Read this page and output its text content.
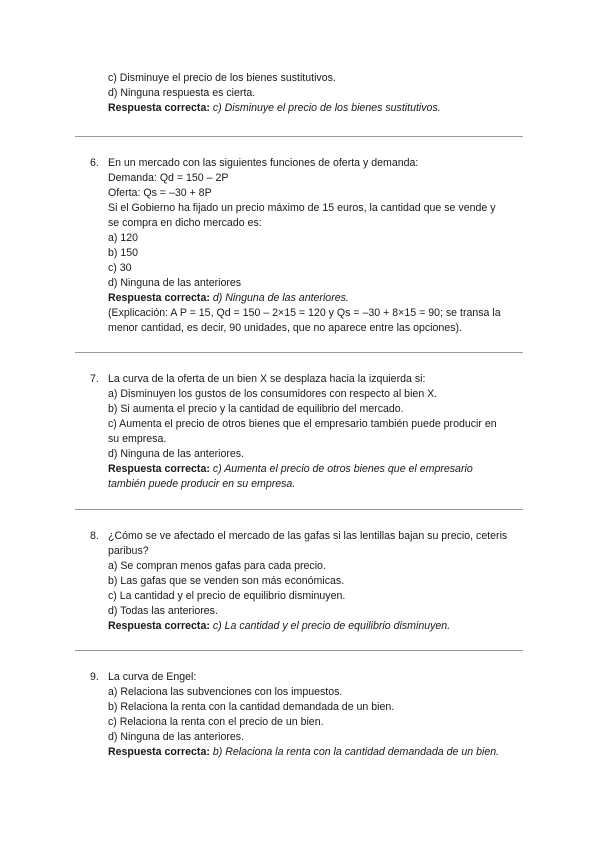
c) Disminuye el precio de los bienes sustitutivos.
d) Ninguna respuesta es cierta.
Respuesta correcta: c) Disminuye el precio de los bienes sustitutivos.
6. En un mercado con las siguientes funciones de oferta y demanda:
Demanda: Qd = 150 – 2P
Oferta: Qs = –30 + 8P
Si el Gobierno ha fijado un precio máximo de 15 euros, la cantidad que se vende y
se compra en dicho mercado es:
a) 120
b) 150
c) 30
d) Ninguna de las anteriores
Respuesta correcta: d) Ninguna de las anteriores.
(Explicación: A P = 15, Qd = 150 – 2×15 = 120 y Qs = –30 + 8×15 = 90; se transa la
menor cantidad, es decir, 90 unidades, que no aparece entre las opciones).
7. La curva de la oferta de un bien X se desplaza hacia la izquierda si:
a) Disminuyen los gustos de los consumidores con respecto al bien X.
b) Si aumenta el precio y la cantidad de equilibrio del mercado.
c) Aumenta el precio de otros bienes que el empresario también puede producir en
su empresa.
d) Ninguna de las anteriores.
Respuesta correcta: c) Aumenta el precio de otros bienes que el empresario
también puede producir en su empresa.
8. ¿Cómo se ve afectado el mercado de las gafas si las lentillas bajan su precio, ceteris
paribus?
a) Se compran menos gafas para cada precio.
b) Las gafas que se venden son más económicas.
c) La cantidad y el precio de equilibrio disminuyen.
d) Todas las anteriores.
Respuesta correcta: c) La cantidad y el precio de equilibrio disminuyen.
9. La curva de Engel:
a) Relaciona las subvenciones con los impuestos.
b) Relaciona la renta con la cantidad demandada de un bien.
c) Relaciona la renta con el precio de un bien.
d) Ninguna de las anteriores.
Respuesta correcta: b) Relaciona la renta con la cantidad demandada de un bien.
